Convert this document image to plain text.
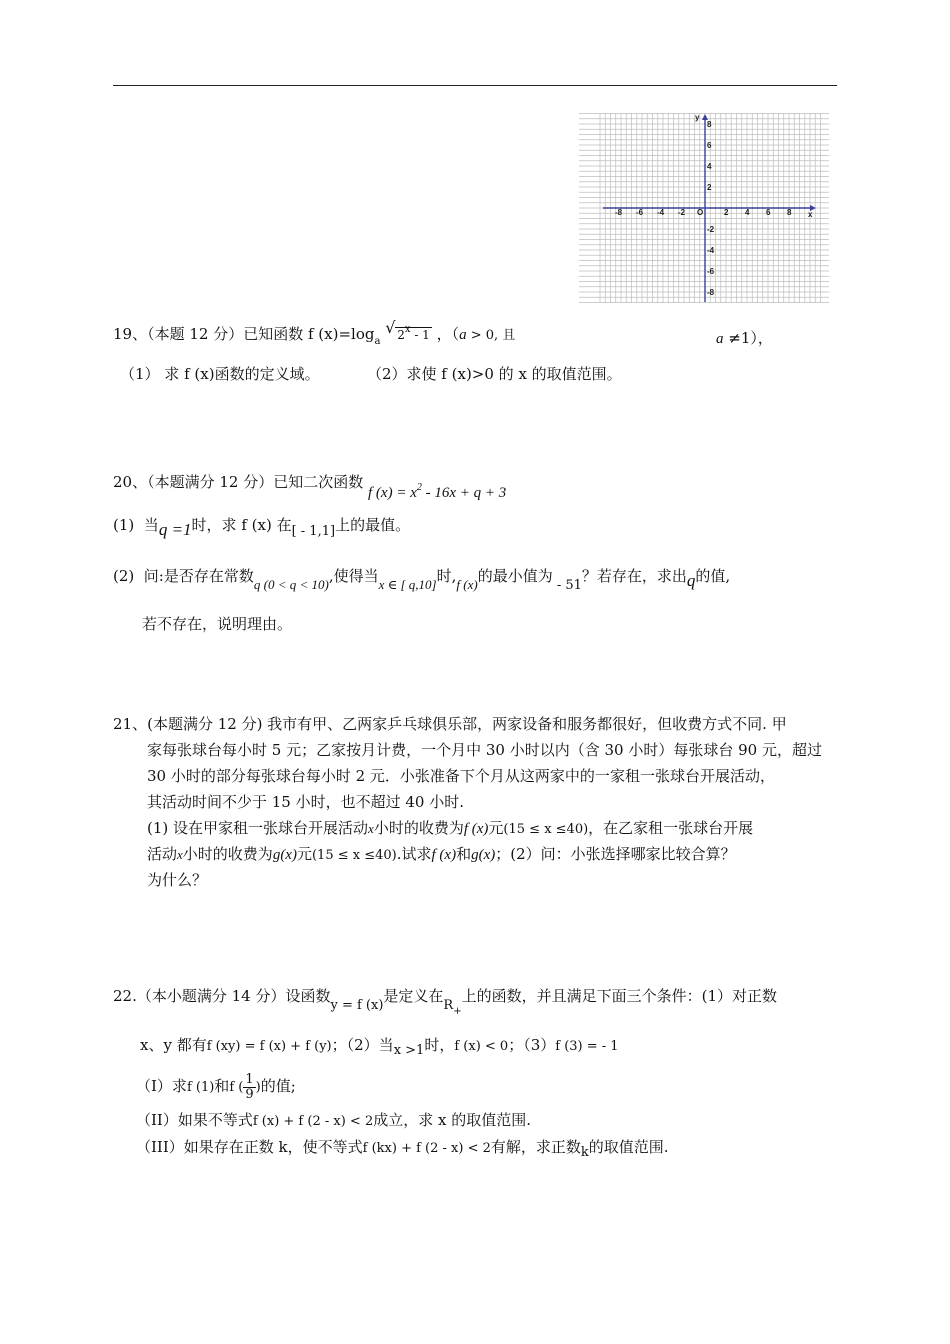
-8 -6 -4 -2 O	2 4 6 8
8
6
4
2
-2
-4
-6
-8
x
y
19、（本题 12 分）已知函数 f $(x)=\log_a$
√ 2$^x$ - 1 ，（a > 0, 且	a ≠1），
（1） 求 f (x)函数的定义域。	（2）求使 f (x)>0 的 x 的取值范围。
20、（本题满分 12 分）已知二次函数 f $(x) = x^2 - 16x + q + 3$
(1) 当q =1时，求 f (x) 在[ - 1,1]上的最值。
(2) 问:是否存在常数q (0 < q < 10),使得当x ∈ [ q,10]时,f (x)的最小值为 - 51？若存在，求出q的值,
若不存在，说明理由。
21、(本题满分 12 分) 我市有甲、乙两家乒乓球俱乐部，两家设备和服务都很好，但收费方式不同. 甲
家每张球台每小时 5 元；乙家按月计费，一个月中 30 小时以内（含 30 小时）每张球台 90 元，超过
30 小时的部分每张球台每小时 2 元．小张准备下个月从这两家中的一家租一张球台开展活动，
其活动时间不少于 15 小时，也不超过 40 小时.
(1) 设在甲家租一张球台开展活动x小时的收费为f (x)元(15 ≤ x ≤40)，在乙家租一张球台开展
活动x小时的收费为g(x)元(15 ≤ x ≤40).试求f (x)和g(x)；(2）问：小张选择哪家比较合算？
为什么？
22.（本小题满分 14 分）设函数y = f (x)是定义在$R_+$上的函数，并且满足下面三个条件：(1）对正数
x、y 都有f (xy) = f (x) + f (y)；（2）当x >1时，f (x) < 0；（3）f (3) = - 1
（I）求f (1)和f ( $\frac{1}{9}$ )的值;
（II）如果不等式f (x) + f (2 - x) < 2成立，求 x 的取值范围.
（III）如果存在正数 k，使不等式f (kx) + f (2 - x) < 2有解，求正数k的取值范围.
